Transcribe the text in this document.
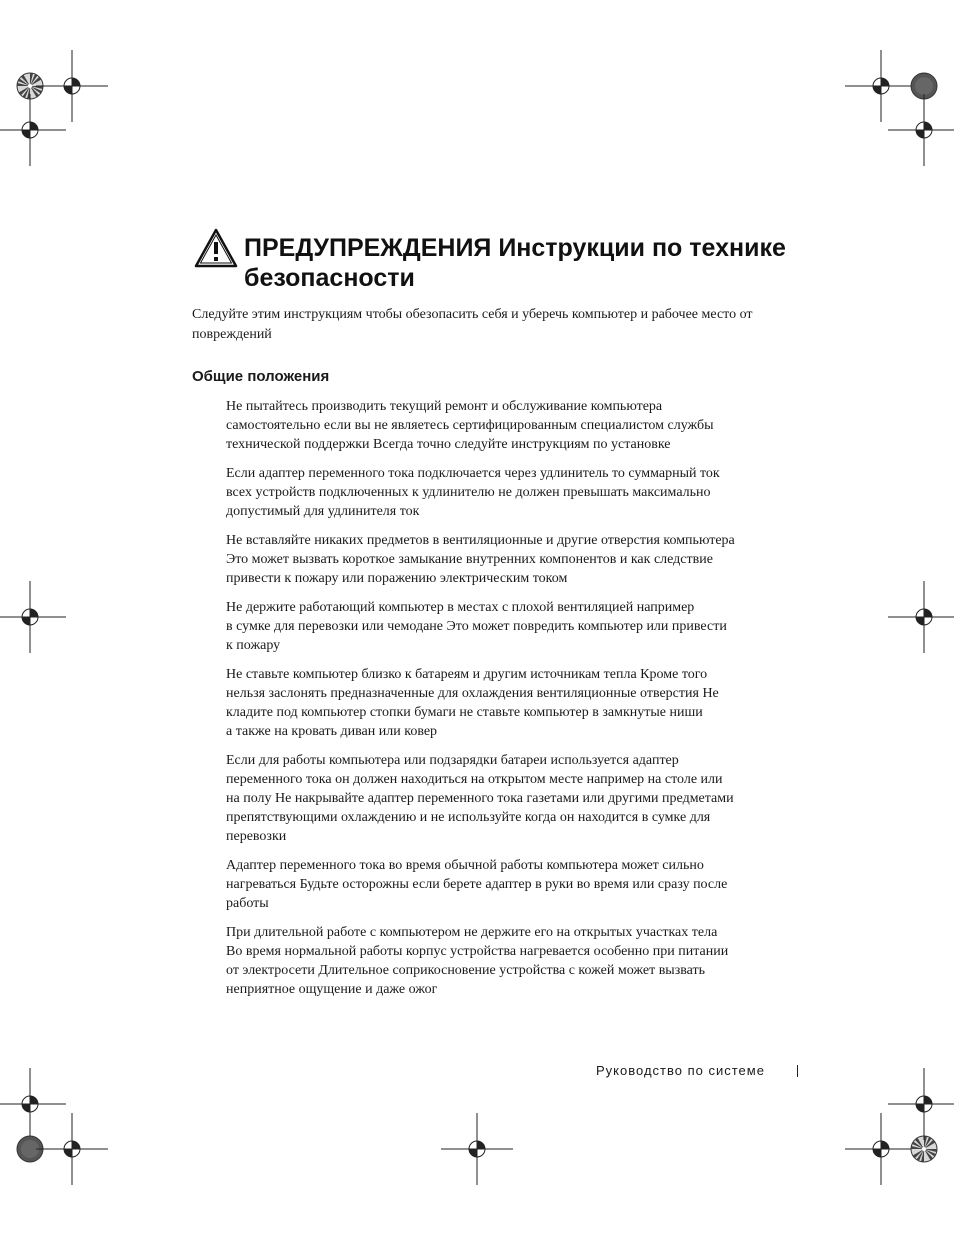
ПРЕДУПРЕЖДЕНИЯ Инструкции по технике безопасности

Следуйте этим инструкциям чтобы обезопасить себя и уберечь компьютер и рабочее место от повреждений

Общие положения

Не пытайтесь производить текущий ремонт и обслуживание компьютера
самостоятельно если вы не являетесь сертифицированным специалистом службы
технической поддержки Всегда точно следуйте инструкциям по установке

Если адаптер переменного тока подключается через удлинитель то суммарный ток
всех устройств подключенных к удлинителю не должен превышать максимально
допустимый для удлинителя ток

Не вставляйте никаких предметов в вентиляционные и другие отверстия компьютера
Это может вызвать короткое замыкание внутренних компонентов и как следствие
привести к пожару или поражению электрическим током

Не держите работающий компьютер в местах с плохой вентиляцией например
в сумке для перевозки или чемодане Это может повредить компьютер или привести
к пожару

Не ставьте компьютер близко к батареям и другим источникам тепла Кроме того
нельзя заслонять предназначенные для охлаждения вентиляционные отверстия Не
кладите под компьютер стопки бумаги не ставьте компьютер в замкнутые ниши
а также на кровать диван или ковер

Если для работы компьютера или подзарядки батареи используется адаптер
переменного тока он должен находиться на открытом месте например на столе или
на полу Не накрывайте адаптер переменного тока газетами или другими предметами
препятствующими охлаждению и не используйте когда он находится в сумке для
перевозки

Адаптер переменного тока во время обычной работы компьютера может сильно
нагреваться Будьте осторожны если берете адаптер в руки во время или сразу после
работы

При длительной работе с компьютером не держите его на открытых участках тела
Во время нормальной работы корпус устройства нагревается особенно при питании
от электросети Длительное соприкосновение устройства с кожей может вызвать
неприятное ощущение и даже ожог

Руководство по системе
